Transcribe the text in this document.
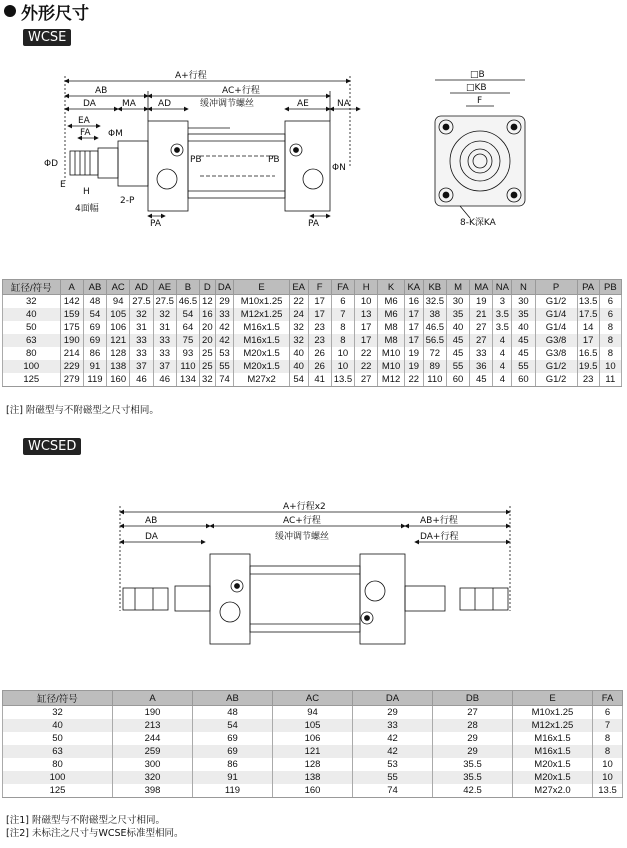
外形尺寸
WCSE
A+行程
AB	AC+行程
DA	MA AD	缓冲调节螺丝	AE	NA
EA
FA ΦM
ΦD
E
H
4面幅
2-P
PB	PB
ΦN
PA	PA
□B
□KB
F
8-K深KA
缸径/符号	A	AB	AC	AD	AE	B	D	DA	E	EA	F	FA	H	K	KA	KB	M	MA	NA	N	P	PA	PB
32	142	48	94	27.5	27.5	46.5	12	29	M10x1.25	22	17	6	10	M6	16	32.5	30	19	3	30	G1/2	13.5	6
40	159	54	105	32	32	54	16	33	M12x1.25	24	17	7	13	M6	17	38	35	21	3.5	35	G1/4	17.5	6
50	175	69	106	31	31	64	20	42	M16x1.5	32	23	8	17	M8	17	46.5	40	27	3.5	40	G1/4	14	8
63	190	69	121	33	33	75	20	42	M16x1.5	32	23	8	17	M8	17	56.5	45	27	4	45	G3/8	17	8
80	214	86	128	33	33	93	25	53	M20x1.5	40	26	10	22	M10	19	72	45	33	4	45	G3/8	16.5	8
100	229	91	138	37	37	110	25	55	M20x1.5	40	26	10	22	M10	19	89	55	36	4	55	G1/2	19.5	10
125	279	119	160	46	46	134	32	74	M27x2	54	41	13.5	27	M12	22	110	60	45	4	60	G1/2	23	11
[注] 附磁型与不附磁型之尺寸相同。
WCSED
A+行程x2
AB	AC+行程	AB+行程
DA	缓冲调节螺丝	DA+行程
缸径/符号	A	AB	AC	DA	DB	E	FA
32	190	48	94	29	27	M10x1.25	6
40	213	54	105	33	28	M12x1.25	7
50	244	69	106	42	29	M16x1.5	8
63	259	69	121	42	29	M16x1.5	8
80	300	86	128	53	35.5	M20x1.5	10
100	320	91	138	55	35.5	M20x1.5	10
125	398	119	160	74	42.5	M27x2.0	13.5
[注1] 附磁型与不附磁型之尺寸相同。
[注2] 未标注之尺寸与WCSE标准型相同。
